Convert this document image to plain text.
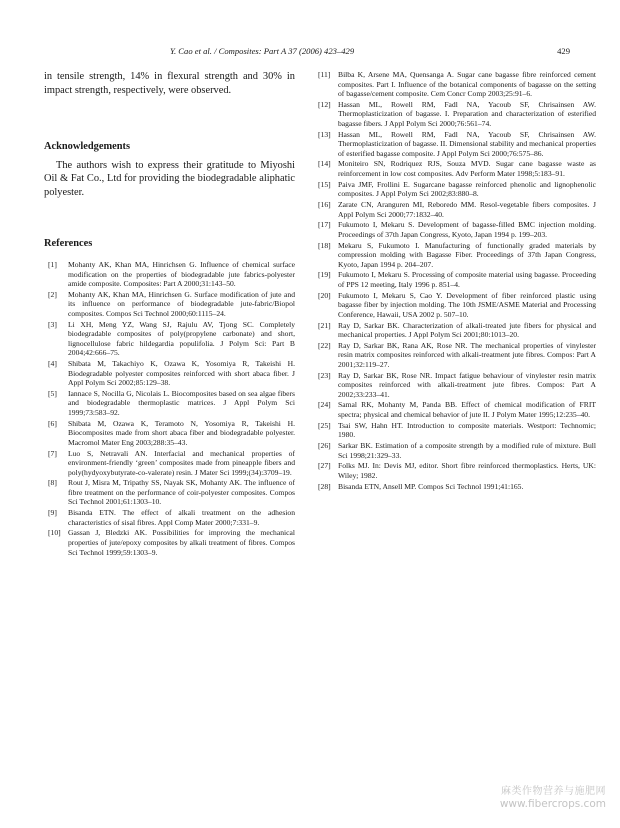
Y. Cao et al. / Composites: Part A 37 (2006) 423–429	429

in tensile strength, 14% in flexural strength and 30% in impact strength, respectively, were observed.

Acknowledgements

The authors wish to express their gratitude to Miyoshi Oil & Fat Co., Ltd for providing the biodegradable aliphatic polyester.

References
[1] Mohanty AK, Khan MA, Hinrichsen G. Influence of chemical surface modification on the properties of biodegradable jute fabrics-polyester amide composite. Composites: Part A 2000;31:143–50.
[2] Mohanty AK, Khan MA, Hinrichsen G. Surface modification of jute and its influence on performance of biodegradable jute-fabric/Biopol composites. Compos Sci Technol 2000;60:1115–24.
[3] Li XH, Meng YZ, Wang SJ, Rajulu AV, Tjong SC. Completely biodegradable composites of poly(propylene carbonate) and short, lignocellulose fabric hildegardia populifolia. J Polym Sci: Part B 2004;42:666–75.
[4] Shibata M, Takachiyo K, Ozawa K, Yosomiya R, Takeishi H. Biodegradable polyester composites reinforced with short abaca fiber. J Appl Polym Sci 2002;85:129–38.
[5] Iannace S, Nocilla G, Nicolais L. Biocomposites based on sea algae fibers and biodegradable thermoplastic matrices. J Appl Polym Sci 1999;73:583–92.
[6] Shibata M, Ozawa K, Teramoto N, Yosomiya R, Takeishi H. Biocomposites made from short abaca fiber and biodegradable polyester. Macromol Mater Eng 2003;288:35–43.
[7] Luo S, Netravali AN. Interfacial and mechanical properties of environment-friendly ‘green’ composites made from pineapple fibers and poly(hydyoxybutyrate-co-valerate) resin. J Mater Sci 1999;(34):3709–19.
[8] Rout J, Misra M, Tripathy SS, Nayak SK, Mohanty AK. The influence of fibre treatment on the performance of coir-polyester composites. Compos Sci Technol 2001;61:1303–10.
[9] Bisanda ETN. The effect of alkali treatment on the adhesion characteristics of sisal fibres. Appl Comp Mater 2000;7:331–9.
[10] Gassan J, Bledzki AK. Possibilities for improving the mechanical properties of jute/epoxy composites by alkali treatment of fibres. Compos Sci Technol 1999;59:1303–9.
[11] Bilba K, Arsene MA, Quensanga A. Sugar cane bagasse fibre reinforced cement composites. Part I. Influence of the botanical components of bagasse on the setting of bagasse/cement composite. Cem Concr Comp 2003;25:91–6.
[12] Hassan ML, Rowell RM, Fadl NA, Yacoub SF, Chrisainsen AW. Thermoplasticization of bagasse. I. Preparation and characterization of esterified bagasse fibers. J Appl Polym Sci 2000;76:561–74.
[13] Hassan ML, Rowell RM, Fadl NA, Yacoub SF, Chrisainsen AW. Thermoplasticization of bagasse. II. Dimensional stability and mechanical properties of esterified bagasse composite. J Appl Polym Sci 2000;76:575–86.
[14] Moniteiro SN, Rodriquez RJS, Souza MVD. Sugar cane bagasse waste as reinforcement in low cost composites. Adv Perform Mater 1998;5:183–91.
[15] Paiva JMF, Frollini E. Sugarcane bagasse reinforced phenolic and lignophenolic composites. J Appl Polym Sci 2002;83:880–8.
[16] Zarate CN, Aranguren MI, Reboredo MM. Resol-vegetable fibers composites. J Appl Polym Sci 2000;77:1832–40.
[17] Fukumoto I, Mekaru S. Development of bagasse-filled BMC injection molding. Proceedings of 37th Japan Congress, Kyoto, Japan 1994 p. 199–203.
[18] Mekaru S, Fukumoto I. Manufacturing of functionally graded materials by compression molding with Bagasse Fiber. Proceedings of 37th Japan Congress, Kyoto, Japan 1994 p. 204–207.
[19] Fukumoto I, Mekaru S. Processing of composite material using bagasse. Proceeding of PPS 12 meeting, Italy 1996 p. 851–4.
[20] Fukumoto I, Mekaru S, Cao Y. Development of fiber reinforced plastic using bagasse fiber by injection molding. The 10th JSME/ASME Material and Processing Conference, Hawaii, USA 2002 p. 507–10.
[21] Ray D, Sarkar BK. Characterization of alkali-treated jute fibers for physical and mechanical properties. J Appl Polym Sci 2001;80:1013–20.
[22] Ray D, Sarkar BK, Rana AK, Rose NR. The mechanical properties of vinylester resin matrix composites reinforced with alkali-treatment jute fibres. Compos: Part A 2001;32:119–27.
[23] Ray D, Sarkar BK, Rose NR. Impact fatigue behaviour of vinylester resin matrix composites reinforced with alkali-treatment jute fibres. Compos: Part A 2002;33:233–41.
[24] Samal RK, Mohanty M, Panda BB. Effect of chemical modification of FRIT spectra; physical and chemical behavior of jute II. J Polym Mater 1995;12:235–40.
[25] Tsai SW, Hahn HT. Introduction to composite materials. Westport: Technomic; 1980.
[26] Sarkar BK. Estimation of a composite strength by a modified rule of mixture. Bull Sci 1998;21:329–33.
[27] Folks MJ. In: Devis MJ, editor. Short fibre reinforced thermoplastics. Herts, UK: Wiley; 1982.
[28] Bisanda ETN, Ansell MP. Compos Sci Technol 1991;41:165.
麻类作物营养与施肥网
www.fibercrops.com
